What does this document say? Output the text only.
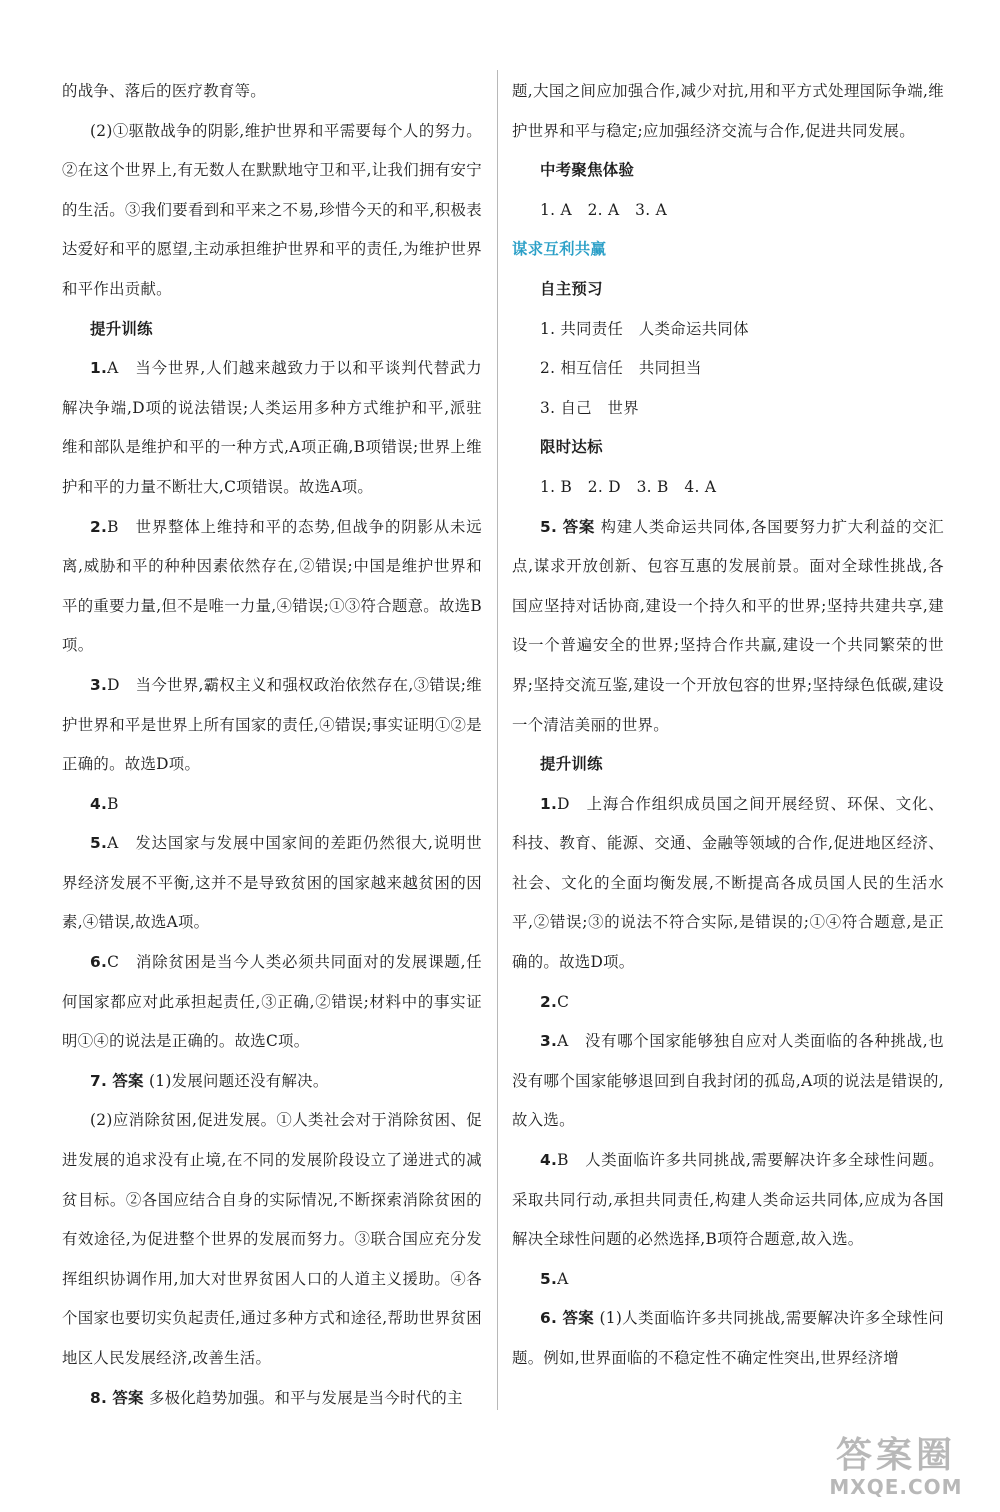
的战争、落后的医疗教育等。

(2)①驱散战争的阴影,维护世界和平需要每个人的努力。②在这个世界上,有无数人在默默地守卫和平,让我们拥有安宁的生活。③我们要看到和平来之不易,珍惜今天的和平,积极表达爱好和平的愿望,主动承担维护世界和平的责任,为维护世界和平作出贡献。

提升训练

1.A　当今世界,人们越来越致力于以和平谈判代替武力解决争端,D项的说法错误;人类运用多种方式维护和平,派驻维和部队是维护和平的一种方式,A项正确,B项错误;世界上维护和平的力量不断壮大,C项错误。故选A项。

2.B　世界整体上维持和平的态势,但战争的阴影从未远离,威胁和平的种种因素依然存在,②错误;中国是维护世界和平的重要力量,但不是唯一力量,④错误;①③符合题意。故选B项。

3.D　当今世界,霸权主义和强权政治依然存在,③错误;维护世界和平是世界上所有国家的责任,④错误;事实证明①②是正确的。故选D项。

4.B

5.A　发达国家与发展中国家间的差距仍然很大,说明世界经济发展不平衡,这并不是导致贫困的国家越来越贫困的因素,④错误,故选A项。

6.C　消除贫困是当今人类必须共同面对的发展课题,任何国家都应对此承担起责任,③正确,②错误;材料中的事实证明①④的说法是正确的。故选C项。

7. 答案 (1)发展问题还没有解决。

(2)应消除贫困,促进发展。①人类社会对于消除贫困、促进发展的追求没有止境,在不同的发展阶段设立了递进式的减贫目标。②各国应结合自身的实际情况,不断探索消除贫困的有效途径,为促进整个世界的发展而努力。③联合国应充分发挥组织协调作用,加大对世界贫困人口的人道主义援助。④各个国家也要切实负起责任,通过多种方式和途径,帮助世界贫困地区人民发展经济,改善生活。

8. 答案 多极化趋势加强。和平与发展是当今时代的主

题,大国之间应加强合作,减少对抗,用和平方式处理国际争端,维护世界和平与稳定;应加强经济交流与合作,促进共同发展。

中考聚焦体验

1. A　2. A　3. A

谋求互利共赢

自主预习

1. 共同责任　人类命运共同体

2. 相互信任　共同担当

3. 自己　世界

限时达标

1. B　2. D　3. B　4. A

5. 答案 构建人类命运共同体,各国要努力扩大利益的交汇点,谋求开放创新、包容互惠的发展前景。面对全球性挑战,各国应坚持对话协商,建设一个持久和平的世界;坚持共建共享,建设一个普遍安全的世界;坚持合作共赢,建设一个共同繁荣的世界;坚持交流互鉴,建设一个开放包容的世界;坚持绿色低碳,建设一个清洁美丽的世界。

提升训练

1.D　上海合作组织成员国之间开展经贸、环保、文化、科技、教育、能源、交通、金融等领域的合作,促进地区经济、社会、文化的全面均衡发展,不断提高各成员国人民的生活水平,②错误;③的说法不符合实际,是错误的;①④符合题意,是正确的。故选D项。

2.C

3.A　没有哪个国家能够独自应对人类面临的各种挑战,也没有哪个国家能够退回到自我封闭的孤岛,A项的说法是错误的,故入选。

4.B　人类面临许多共同挑战,需要解决许多全球性问题。采取共同行动,承担共同责任,构建人类命运共同体,应成为各国解决全球性问题的必然选择,B项符合题意,故入选。

5.A

6. 答案 (1)人类面临许多共同挑战,需要解决许多全球性问题。例如,世界面临的不稳定性不确定性突出,世界经济增

答案圈
MXQE.COM
